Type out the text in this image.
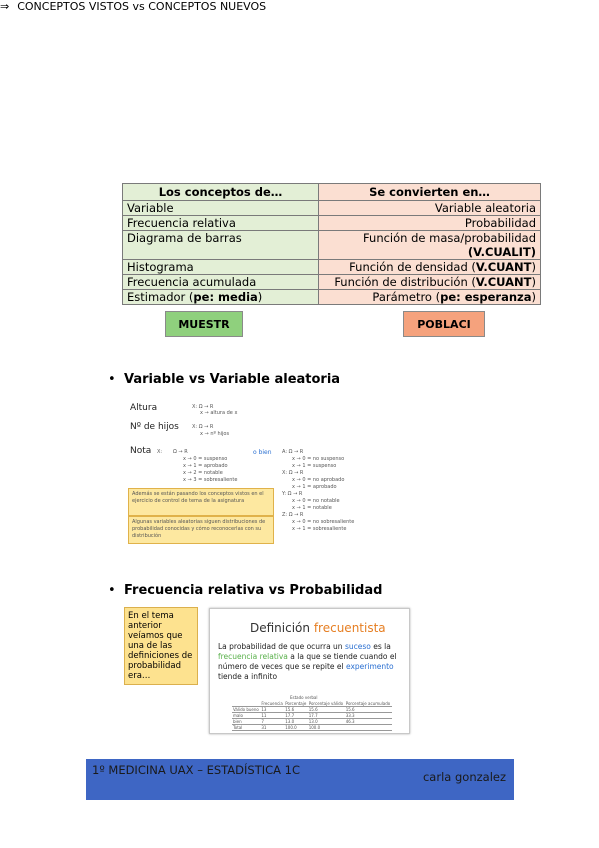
⇒ CONCEPTOS VISTOS vs CONCEPTOS NUEVOS
Los conceptos de…	Se convierten en…
Variable	Variable aleatoria
Frecuencia relativa	Probabilidad
Diagrama de barras	Función de masa/probabilidad
(V.CUALIT)
Histograma	Función de densidad (V.CUANT)
Frecuencia acumulada	Función de distribución (V.CUANT)
Estimador (pe: media)	Parámetro (pe: esperanza)
MUESTR	POBLACI
• Variable vs Variable aleatoria
Altura	X: Ω → R
x → altura de x
Nº de hijos	X: Ω → R
x → nº hijos
Nota X: Ω → R
x → 0 = suspenso
x → 1 = aprobado
x → 2 = notable
x → 3 = sobresaliente
o bien A: Ω → R
x → 0 = no suspenso
x → 1 = suspenso
X: Ω → R
x → 0 = no aprobado
x → 1 = aprobado
Y: Ω → R
x → 0 = no notable
x → 1 = notable
Z: Ω → R
x → 0 = no sobresaliente
x → 1 = sobresaliente
Además se están pasando los conceptos vistos en el ejercicio de control de tema de la asignatura
Algunas variables aleatorias siguen distribuciones de probabilidad conocidas y cómo reconocerlas con su distribución
• Frecuencia relativa vs Probabilidad
En el tema anterior veíamos que una de las definiciones de probabilidad era…
Definición frecuentista
La probabilidad de que ocurra un suceso es la frecuencia relativa a la que se tiende cuando el número de veces que se repite el experimento tiende a infinito
Estado verbal
	Frecuencia	Porcentaje	Porcentaje válido	Porcentaje acumulado
Válido bueno	13	15.6	15.6	15.6
malo	11	17.7	17.7	33.3
bien	7	13.0	13.0	46.3
Total	31	100.0	100.0	
1º MEDICINA UAX – ESTADÍSTICA 1C	carla gonzalez
